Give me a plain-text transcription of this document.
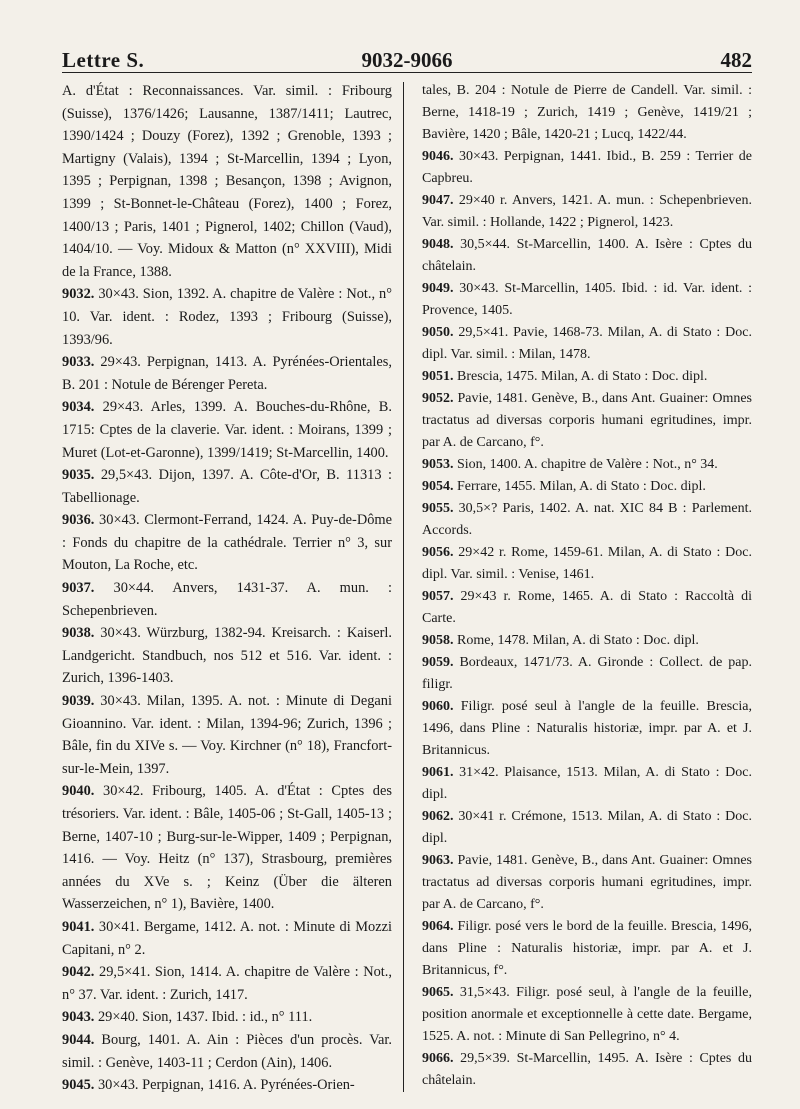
Lettre S.	9032-9066	482

A. d'État : Reconnaissances. Var. simil. : Fribourg (Suisse), 1376/1426; Lausanne, 1387/1411; Lautrec, 1390/1424 ; Douzy (Forez), 1392 ; Grenoble, 1393 ; Martigny (Valais), 1394 ; St-Marcellin, 1394 ; Lyon, 1395 ; Perpignan, 1398 ; Besançon, 1398 ; Avignon, 1399 ; St-Bonnet-le-Château (Forez), 1400 ; Forez, 1400/13 ; Paris, 1401 ; Pignerol, 1402; Chillon (Vaud), 1404/10. — Voy. Midoux & Matton (n° XXVIII), Midi de la France, 1388.

9032. 30×43. Sion, 1392. A. chapitre de Valère : Not., n° 10. Var. ident. : Rodez, 1393 ; Fribourg (Suisse), 1393/96.

9033. 29×43. Perpignan, 1413. A. Pyrénées-Orientales, B. 201 : Notule de Bérenger Pereta.

9034. 29×43. Arles, 1399. A. Bouches-du-Rhône, B. 1715: Cptes de la claverie. Var. ident. : Moirans, 1399 ; Muret (Lot-et-Garonne), 1399/1419; St-Marcellin, 1400.

9035. 29,5×43. Dijon, 1397. A. Côte-d'Or, B. 11313 : Tabellionage.

9036. 30×43. Clermont-Ferrand, 1424. A. Puy-de-Dôme : Fonds du chapitre de la cathédrale. Terrier n° 3, sur Mouton, La Roche, etc.

9037. 30×44. Anvers, 1431-37. A. mun. : Schepenbrieven.

9038. 30×43. Würzburg, 1382-94. Kreisarch. : Kaiserl. Landgericht. Standbuch, nos 512 et 516. Var. ident. : Zurich, 1396-1403.

9039. 30×43. Milan, 1395. A. not. : Minute di Degani Gioannino. Var. ident. : Milan, 1394-96; Zurich, 1396 ; Bâle, fin du XIVe s. — Voy. Kirchner (n° 18), Francfort-sur-le-Mein, 1397.

9040. 30×42. Fribourg, 1405. A. d'État : Cptes des trésoriers. Var. ident. : Bâle, 1405-06 ; St-Gall, 1405-13 ; Berne, 1407-10 ; Burg-sur-le-Wipper, 1409 ; Perpignan, 1416. — Voy. Heitz (n° 137), Strasbourg, premières années du XVe s. ; Keinz (Über die älteren Wasserzeichen, n° 1), Bavière, 1400.

9041. 30×41. Bergame, 1412. A. not. : Minute di Mozzi Capitani, n° 2.

9042. 29,5×41. Sion, 1414. A. chapitre de Valère : Not., n° 37. Var. ident. : Zurich, 1417.

9043. 29×40. Sion, 1437. Ibid. : id., n° 111.

9044. Bourg, 1401. A. Ain : Pièces d'un procès. Var. simil. : Genève, 1403-11 ; Cerdon (Ain), 1406.

9045. 30×43. Perpignan, 1416. A. Pyrénées-Orien-

tales, B. 204 : Notule de Pierre de Candell. Var. simil. : Berne, 1418-19 ; Zurich, 1419 ; Genève, 1419/21 ; Bavière, 1420 ; Bâle, 1420-21 ; Lucq, 1422/44.

9046. 30×43. Perpignan, 1441. Ibid., B. 259 : Terrier de Capbreu.

9047. 29×40 r. Anvers, 1421. A. mun. : Schepenbrieven. Var. simil. : Hollande, 1422 ; Pignerol, 1423.

9048. 30,5×44. St-Marcellin, 1400. A. Isère : Cptes du châtelain.

9049. 30×43. St-Marcellin, 1405. Ibid. : id. Var. ident. : Provence, 1405.

9050. 29,5×41. Pavie, 1468-73. Milan, A. di Stato : Doc. dipl. Var. simil. : Milan, 1478.

9051. Brescia, 1475. Milan, A. di Stato : Doc. dipl.

9052. Pavie, 1481. Genève, B., dans Ant. Guainer: Omnes tractatus ad diversas corporis humani egritudines, impr. par A. de Carcano, f°.

9053. Sion, 1400. A. chapitre de Valère : Not., n° 34.

9054. Ferrare, 1455. Milan, A. di Stato : Doc. dipl.

9055. 30,5×? Paris, 1402. A. nat. XIC 84 B : Parlement. Accords.

9056. 29×42 r. Rome, 1459-61. Milan, A. di Stato : Doc. dipl. Var. simil. : Venise, 1461.

9057. 29×43 r. Rome, 1465. A. di Stato : Raccoltà di Carte.

9058. Rome, 1478. Milan, A. di Stato : Doc. dipl.

9059. Bordeaux, 1471/73. A. Gironde : Collect. de pap. filigr.

9060. Filigr. posé seul à l'angle de la feuille. Brescia, 1496, dans Pline : Naturalis historiæ, impr. par A. et J. Britannicus.

9061. 31×42. Plaisance, 1513. Milan, A. di Stato : Doc. dipl.

9062. 30×41 r. Crémone, 1513. Milan, A. di Stato : Doc. dipl.

9063. Pavie, 1481. Genève, B., dans Ant. Guainer: Omnes tractatus ad diversas corporis humani egritudines, impr. par A. de Carcano, f°.

9064. Filigr. posé vers le bord de la feuille. Brescia, 1496, dans Pline : Naturalis historiæ, impr. par A. et J. Britannicus, f°.

9065. 31,5×43. Filigr. posé seul, à l'angle de la feuille, position anormale et exceptionnelle à cette date. Bergame, 1525. A. not. : Minute di San Pellegrino, n° 4.

9066. 29,5×39. St-Marcellin, 1495. A. Isère : Cptes du châtelain.
